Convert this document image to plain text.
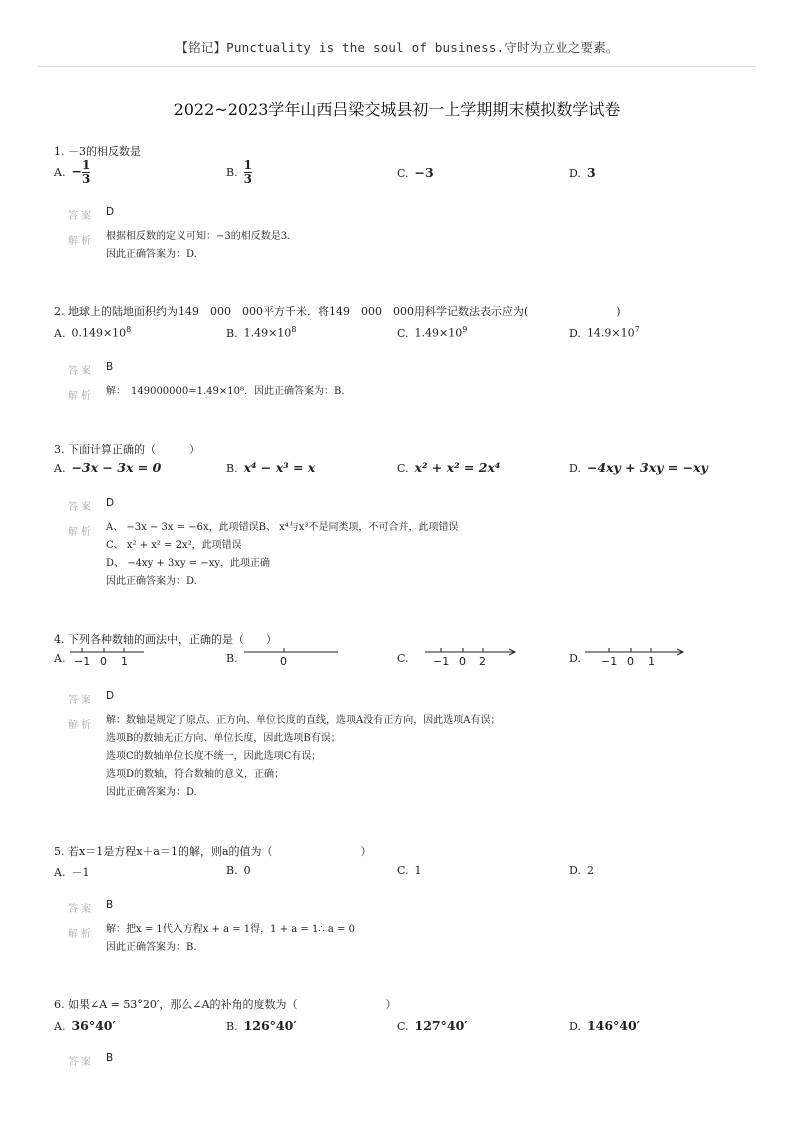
【铭记】Punctuality is the soul of business.守时为立业之要素。
2022~2023学年山西吕梁交城县初一上学期期末模拟数学试卷
1. －3的相反数是
A. − $\frac{1}{3}$	B. $\frac{1}{3}$	C. −3	D. 3
答案 D
解析 根据相反数的定义可知：−3的相反数是3.
因此正确答案为：D.
2. 地球上的陆地面积约为149　000　000平方千米．将149　000　000用科学记数法表示应为(　　　　　　　　)
A. $0.149\times 10^8$	B. $1.49\times 10^8$	C. $1.49\times 10^9$	D. $14.9\times 10^7$
答案 B
解析 解：　149000000=1.49×10⁸．因此正确答案为：B.
3. 下面计算正确的（　　　）
A. −3x − 3x = 0	B. x⁴ − x³ = x	C. x² + x² = 2x⁴	D. −4xy + 3xy = −xy
答案 D
解析 A、 −3x − 3x = −6x，此项错误B、 x⁴与x³不是同类项，不可合并，此项错误
C、 x² + x² = 2x²，此项错误
D、 −4xy + 3xy = −xy，此项正确
因此正确答案为：D.
4. 下列各种数轴的画法中，正确的是（　　）
A. −1 0 1	B.	0	C. −1 0 2	D. −1 0 1
答案 D
解析 解：数轴是规定了原点、正方向、单位长度的直线，选项A没有正方向，因此选项A有误；
选项B的数轴无正方向、单位长度，因此选项B有误；
选项C的数轴单位长度不统一，因此选项C有误；
选项D的数轴，符合数轴的意义，正确；
因此正确答案为：D.
5. 若x＝1是方程x＋a＝1的解，则a的值为（　　　　　　　　）
A. －1	B. 0	C. 1	D. 2
答案 B
解析 解：把x = 1代入方程x + a = 1得，1 + a = 1∴ a = 0
因此正确答案为：B.
6. 如果∠A = 53°20′，那么∠A的补角的度数为（　　　　　　　　）
A. 36°40′	B. 126°40′	C. 127°40′	D. 146°40′
答案 B
